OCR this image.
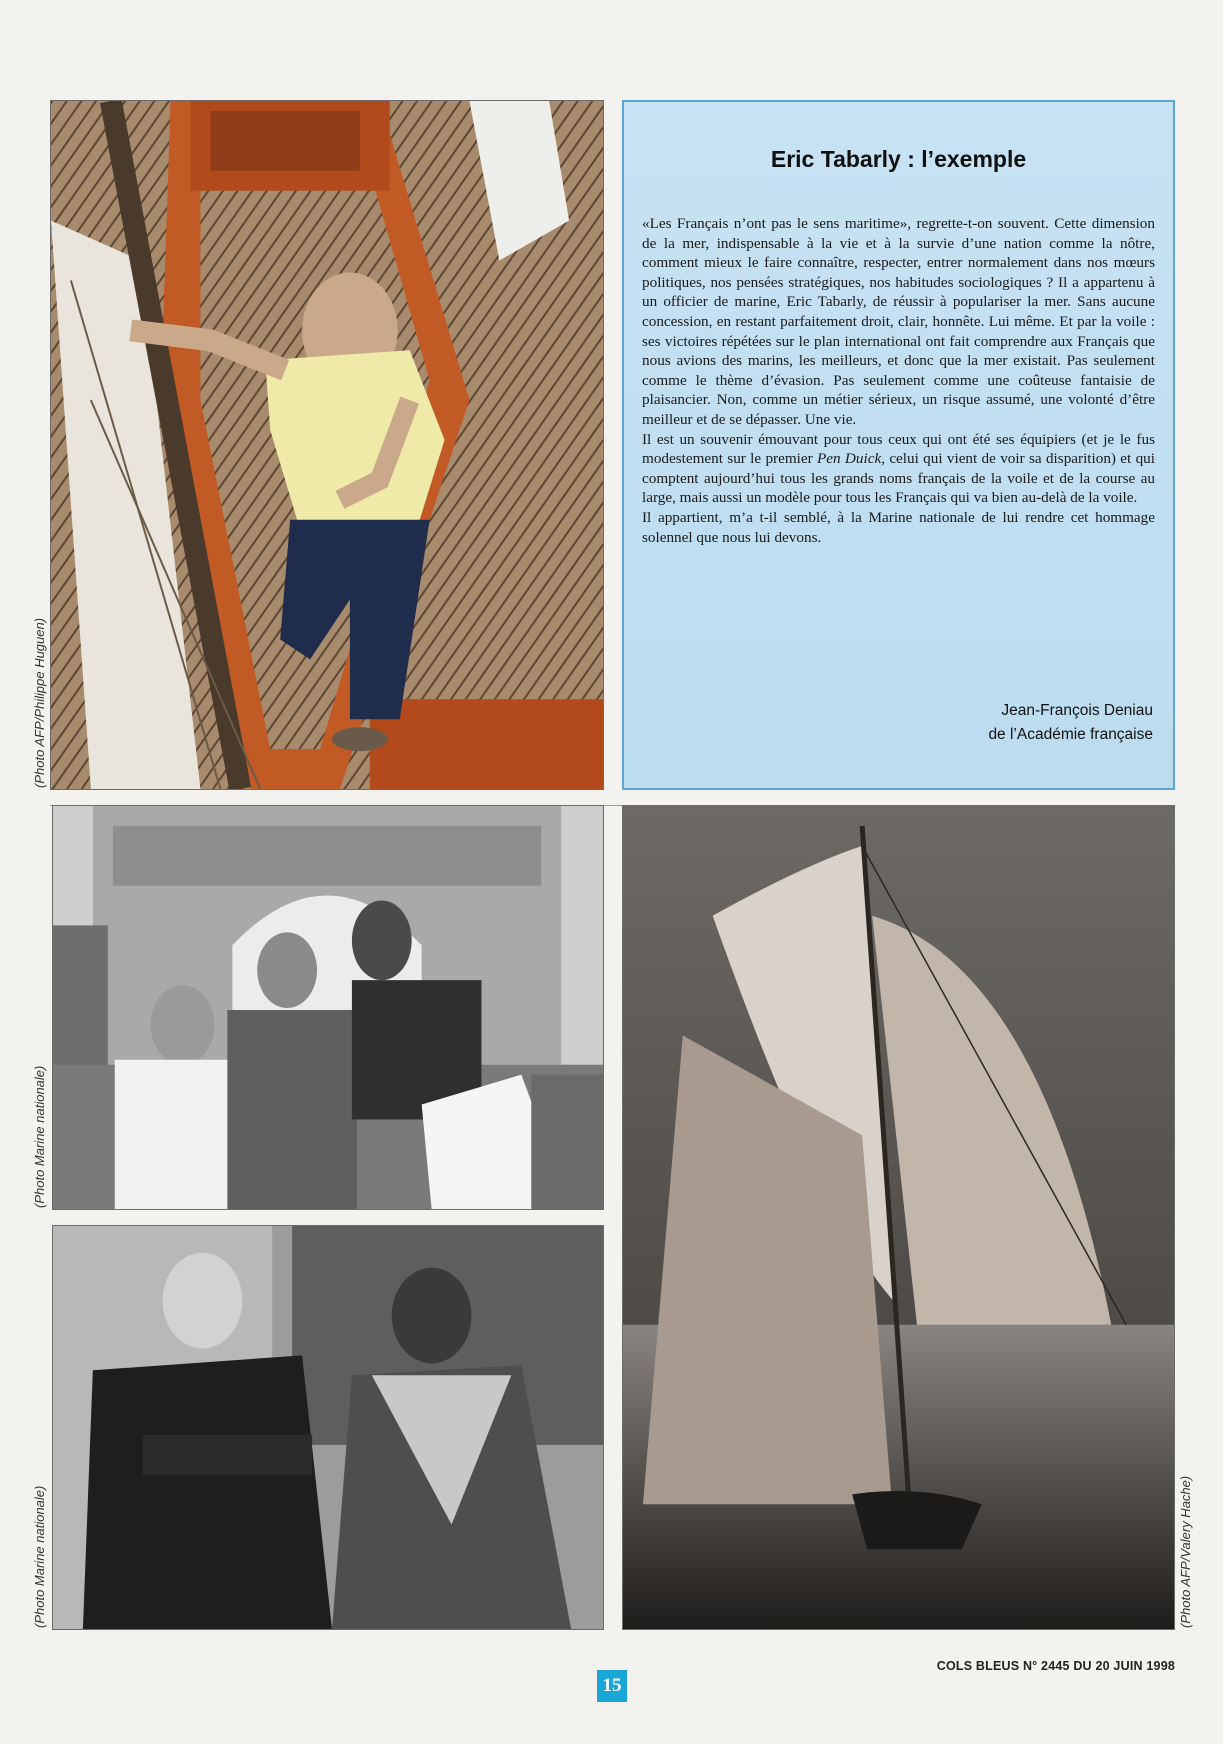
(Photo AFP/Philippe Huguen)
Eric Tabarly : l’exemple

«Les Français n’ont pas le sens maritime», regrette-t-on souvent. Cette dimension de la mer, indispensable à la vie et à la survie d’une nation comme la nôtre, comment mieux le faire connaître, respecter, entrer normalement dans nos mœurs politiques, nos pensées stratégiques, nos habitudes sociologiques ? Il a appartenu à un officier de marine, Eric Tabarly, de réussir à populariser la mer. Sans aucune concession, en restant parfaitement droit, clair, honnête. Lui même. Et par la voile : ses victoires répétées sur le plan international ont fait comprendre aux Français que nous avions des marins, les meilleurs, et donc que la mer existait. Pas seulement comme le thème d’évasion. Pas seulement comme une coûteuse fantaisie de plaisancier. Non, comme un métier sérieux, un risque assumé, une volonté d’être meilleur et de se dépasser. Une vie.

Il est un souvenir émouvant pour tous ceux qui ont été ses équipiers (et je le fus modestement sur le premier Pen Duick, celui qui vient de voir sa disparition) et qui comptent aujourd’hui tous les grands noms français de la voile et de la course au large, mais aussi un modèle pour tous les Français qui va bien au-delà de la voile.

Il appartient, m’a t-il semblé, à la Marine nationale de lui rendre cet hommage solennel que nous lui devons.

Jean-François Deniau
de l’Académie française
(Photo Marine nationale)
(Photo Marine nationale)	(Photo AFP/Valery Hache)
COLS BLEUS N° 2445 DU 20 JUIN 1998
15
